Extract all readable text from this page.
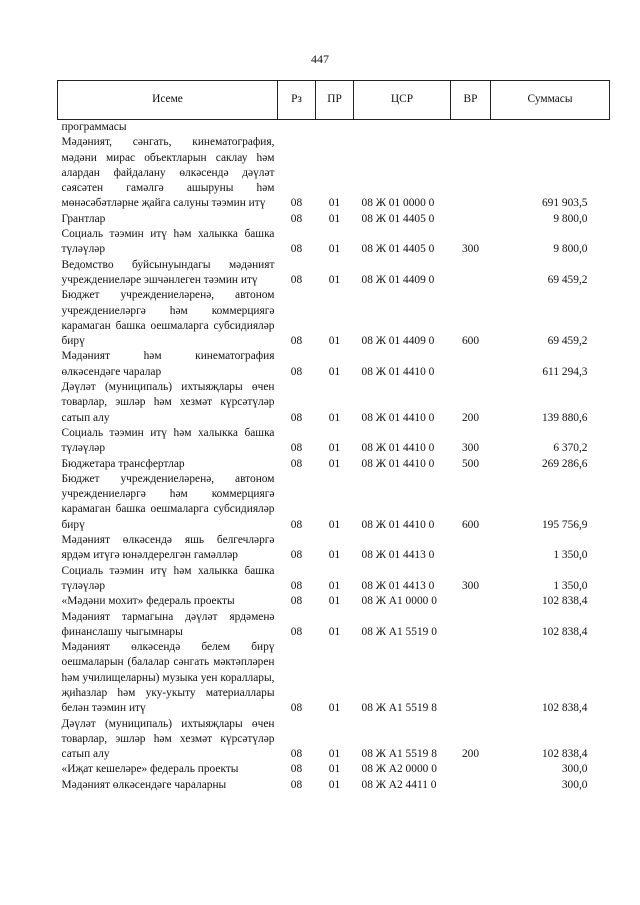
447
Исеме	Рз	ПР	ЦСР	ВР	Суммасы
программасы					
Мәдәният, сәнгать, кинематография, мәдәни мирас объектларын саклау һәм алардан файдалану өлкәсендә дәүләт сәясәтен гамәлгә ашыруны һәм мөнәсәбәтләрне җайга салуны тәэмин итү	08	01	08 Ж 01 0000 0		691 903,5
Грантлар	08	01	08 Ж 01 4405 0		9 800,0
Социаль тәэмин итү һәм халыкка башка түләүләр	08	01	08 Ж 01 4405 0	300	9 800,0
Ведомство буйсынуындагы мәдәният учреждениеләре эшчәнлеген тәэмин итү	08	01	08 Ж 01 4409 0		69 459,2
Бюджет учреждениеләренә, автоном учреждениеләргә һәм коммерциягә карамаган башка оешмаларга субсидияләр бирү	08	01	08 Ж 01 4409 0	600	69 459,2
Мәдәният һәм кинематография өлкәсендәге чаралар	08	01	08 Ж 01 4410 0		611 294,3
Дәүләт (муниципаль) ихтыяҗлары өчен товарлар, эшләр һәм хезмәт күрсәтүләр сатып алу	08	01	08 Ж 01 4410 0	200	139 880,6
Социаль тәэмин итү һәм халыкка башка түләүләр	08	01	08 Ж 01 4410 0	300	6 370,2
Бюджетара трансфертлар	08	01	08 Ж 01 4410 0	500	269 286,6
Бюджет учреждениеләренә, автоном учреждениеләргә һәм коммерциягә карамаган башка оешмаларга субсидияләр бирү	08	01	08 Ж 01 4410 0	600	195 756,9
Мәдәният өлкәсендә яшь белгечләргә ярдәм итүгә юнәлдерелгән гамәлләр	08	01	08 Ж 01 4413 0		1 350,0
Социаль тәэмин итү һәм халыкка башка түләүләр	08	01	08 Ж 01 4413 0	300	1 350,0
«Мәдәни мохит» федераль проекты	08	01	08 Ж А1 0000 0		102 838,4
Мәдәният тармагына дәүләт ярдәменә финанслашу чыгымнары	08	01	08 Ж А1 5519 0		102 838,4
Мәдәният өлкәсендә белем бирү оешмаларын (балалар сәнгать мәктәпләрен һәм училищеларны) музыка уен кораллары, җиһазлар һәм уку-укыту материаллары белән тәэмин итү	08	01	08 Ж А1 5519 8		102 838,4
Дәүләт (муниципаль) ихтыяҗлары өчен товарлар, эшләр һәм хезмәт күрсәтүләр сатып алу	08	01	08 Ж А1 5519 8	200	102 838,4
«Иҗат кешеләре» федераль проекты	08	01	08 Ж А2 0000 0		300,0
Мәдәният өлкәсендәге чараларны	08	01	08 Ж А2 4411 0		300,0
